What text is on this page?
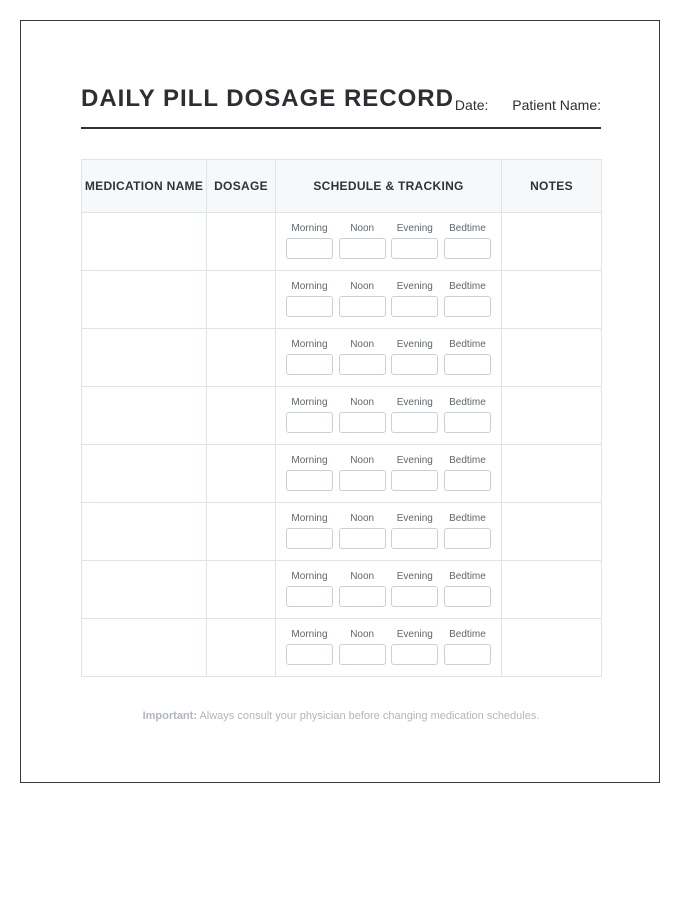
DAILY PILL DOSAGE RECORD Date: Patient Name:
MEDICATION NAME	DOSAGE	SCHEDULE & TRACKING	NOTES

		Morning Noon Evening Bedtime	

		Morning Noon Evening Bedtime	

		Morning Noon Evening Bedtime	

		Morning Noon Evening Bedtime	

		Morning Noon Evening Bedtime	

		Morning Noon Evening Bedtime	

		Morning Noon Evening Bedtime	

		Morning Noon Evening Bedtime	

Important: Always consult your physician before changing medication schedules.
